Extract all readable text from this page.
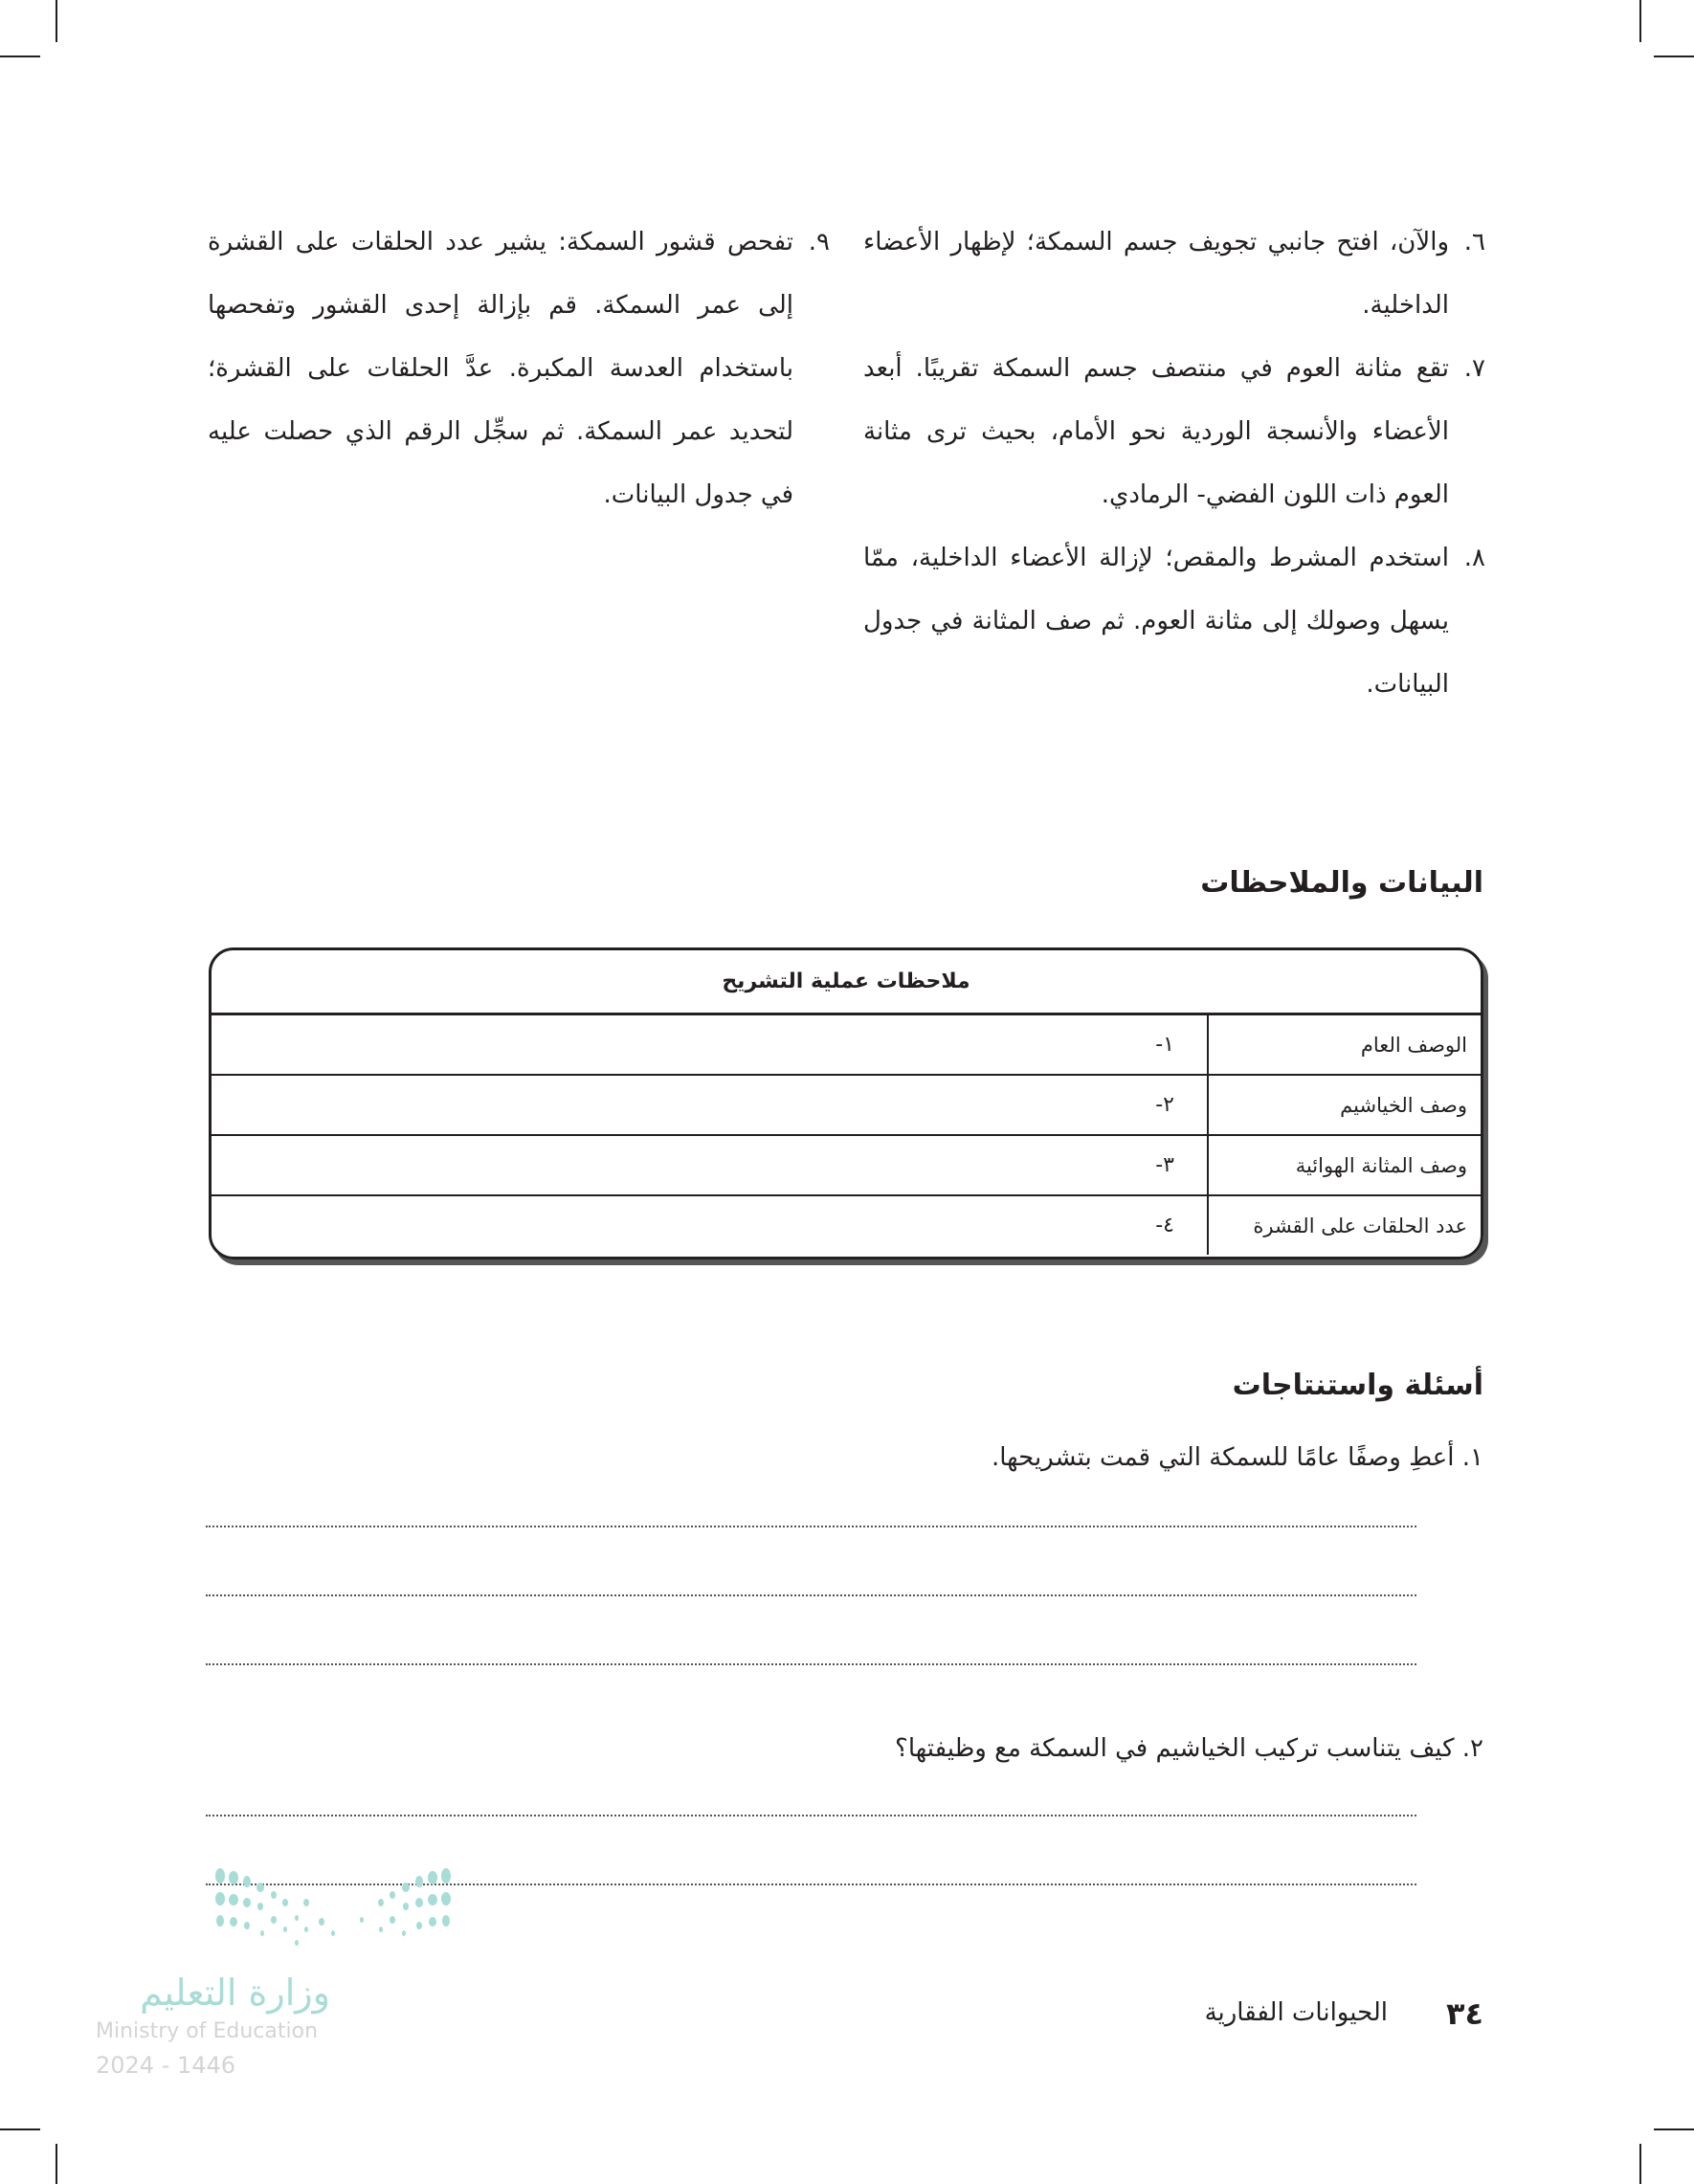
٦.
والآن، افتح جانبي تجويف جسم السمكة؛ لإظهار الأعضاء الداخلية.
٧.
تقع مثانة العوم في منتصف جسم السمكة تقريبًا. أبعد الأعضاء والأنسجة الوردية نحو الأمام، بحيث ترى مثانة العوم ذات اللون الفضي- الرمادي.
٨.
استخدم المشرط والمقص؛ لإزالة الأعضاء الداخلية، ممّا يسهل وصولك إلى مثانة العوم. ثم صف المثانة في جدول البيانات.
٩.
تفحص قشور السمكة: يشير عدد الحلقات على القشرة إلى عمر السمكة. قم بإزالة إحدى القشور وتفحصها باستخدام العدسة المكبرة. عدَّ الحلقات على القشرة؛ لتحديد عمر السمكة. ثم سجِّل الرقم الذي حصلت عليه في جدول البيانات.
البيانات والملاحظات
ملاحظات عملية التشريح
الوصف العام
١-
وصف الخياشيم
٢-
وصف المثانة الهوائية
٣-
عدد الحلقات على القشرة
٤-
أسئلة واستنتاجات
١. أعطِ وصفًا عامًا للسمكة التي قمت بتشريحها.
٢. كيف يتناسب تركيب الخياشيم في السمكة مع وظيفتها؟
وزارة التعليم
Ministry of Education
2024 - 1446
٣٤
الحيوانات الفقارية
